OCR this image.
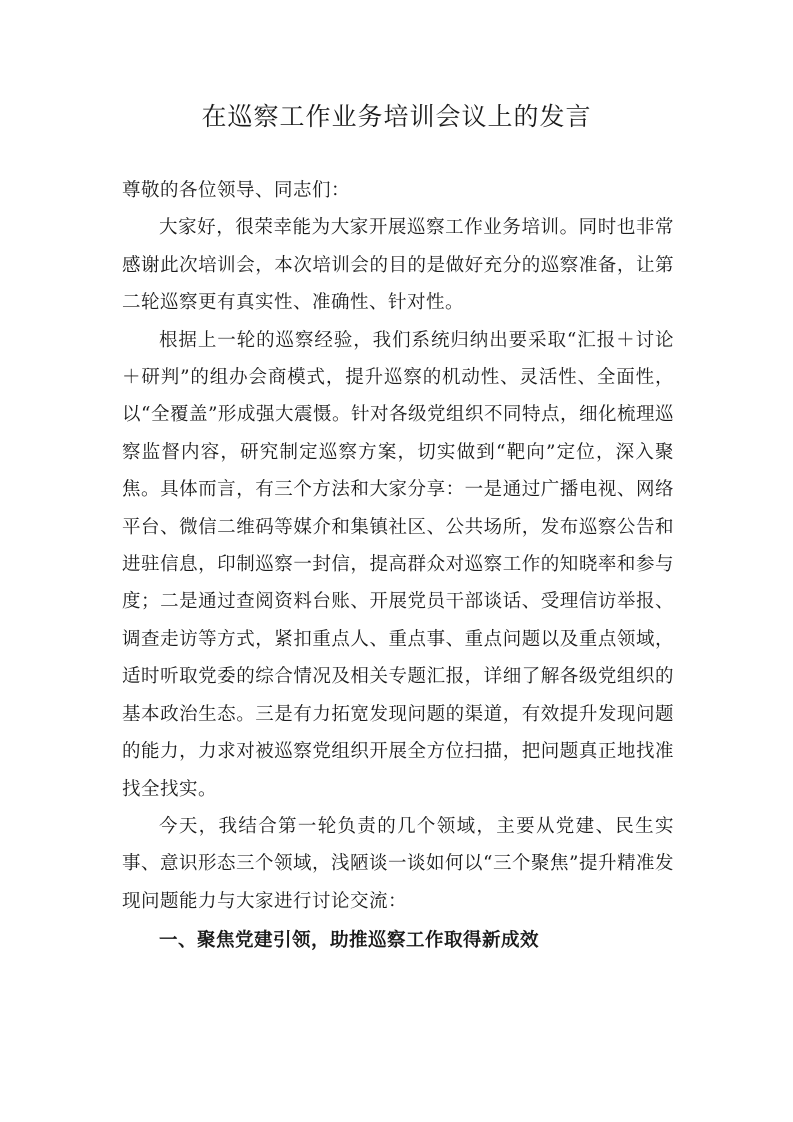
在巡察工作业务培训会议上的发言

尊敬的各位领导、同志们：

大家好，很荣幸能为大家开展巡察工作业务培训。同时也非常感谢此次培训会，本次培训会的目的是做好充分的巡察准备，让第二轮巡察更有真实性、准确性、针对性。

根据上一轮的巡察经验，我们系统归纳出要采取“汇报＋讨论＋研判”的组办会商模式，提升巡察的机动性、灵活性、全面性，以“全覆盖”形成强大震慑。针对各级党组织不同特点，细化梳理巡察监督内容，研究制定巡察方案，切实做到“靶向”定位，深入聚焦。具体而言，有三个方法和大家分享：一是通过广播电视、网络平台、微信二维码等媒介和集镇社区、公共场所，发布巡察公告和进驻信息，印制巡察一封信，提高群众对巡察工作的知晓率和参与度；二是通过查阅资料台账、开展党员干部谈话、受理信访举报、调查走访等方式，紧扣重点人、重点事、重点问题以及重点领域，适时听取党委的综合情况及相关专题汇报，详细了解各级党组织的基本政治生态。三是有力拓宽发现问题的渠道，有效提升发现问题的能力，力求对被巡察党组织开展全方位扫描，把问题真正地找准找全找实。

今天，我结合第一轮负责的几个领域，主要从党建、民生实事、意识形态三个领域，浅陋谈一谈如何以“三个聚焦”提升精准发现问题能力与大家进行讨论交流：

一、聚焦党建引领，助推巡察工作取得新成效
